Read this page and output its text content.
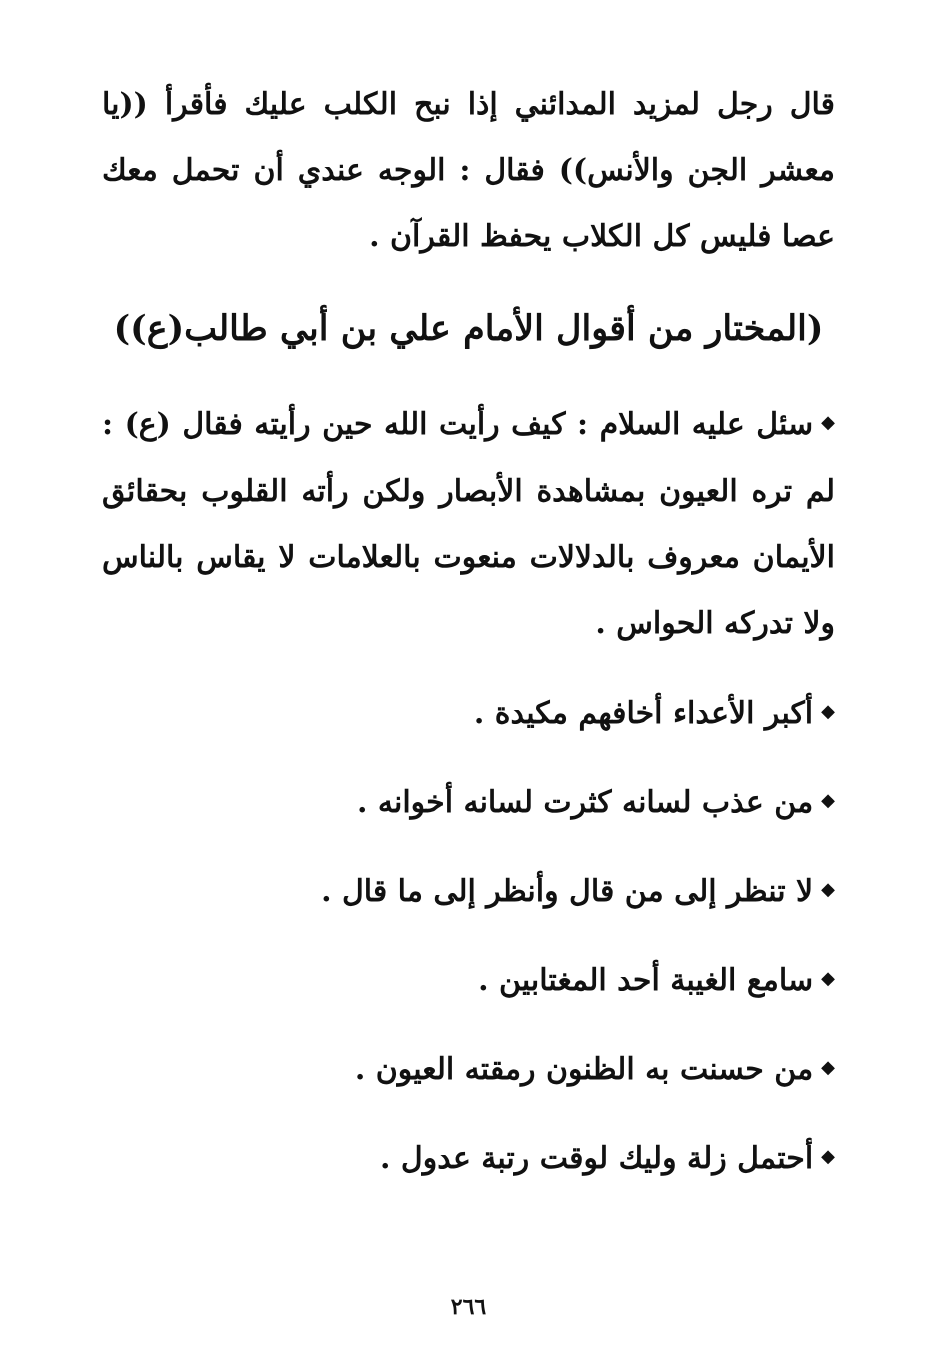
قال رجل لمزيد المدائني إذا نبح الكلب عليك فأقرأ ((يا معشر الجن والأنس)) فقال : الوجه عندي أن تحمل معك عصا فليس كل الكلاب يحفظ القرآن .

(المختار من أقوال الأمام علي بن أبي طالب(ع))

◆سئل عليه السلام : كيف رأيت الله حين رأيته فقال (ع) : لم تره العيون بمشاهدة الأبصار ولكن رأته القلوب بحقائق الأيمان معروف بالدلالات منعوت بالعلامات لا يقاس بالناس ولا تدركه الحواس .

◆أكبر الأعداء أخافهم مكيدة .
◆من عذب لسانه كثرت لسانه أخوانه .
◆لا تنظر إلى من قال وأنظر إلى ما قال .
◆سامع الغيبة أحد المغتابين .
◆من حسنت به الظنون رمقته العيون .
◆أحتمل زلة وليك لوقت رتبة عدول .
٢٦٦
